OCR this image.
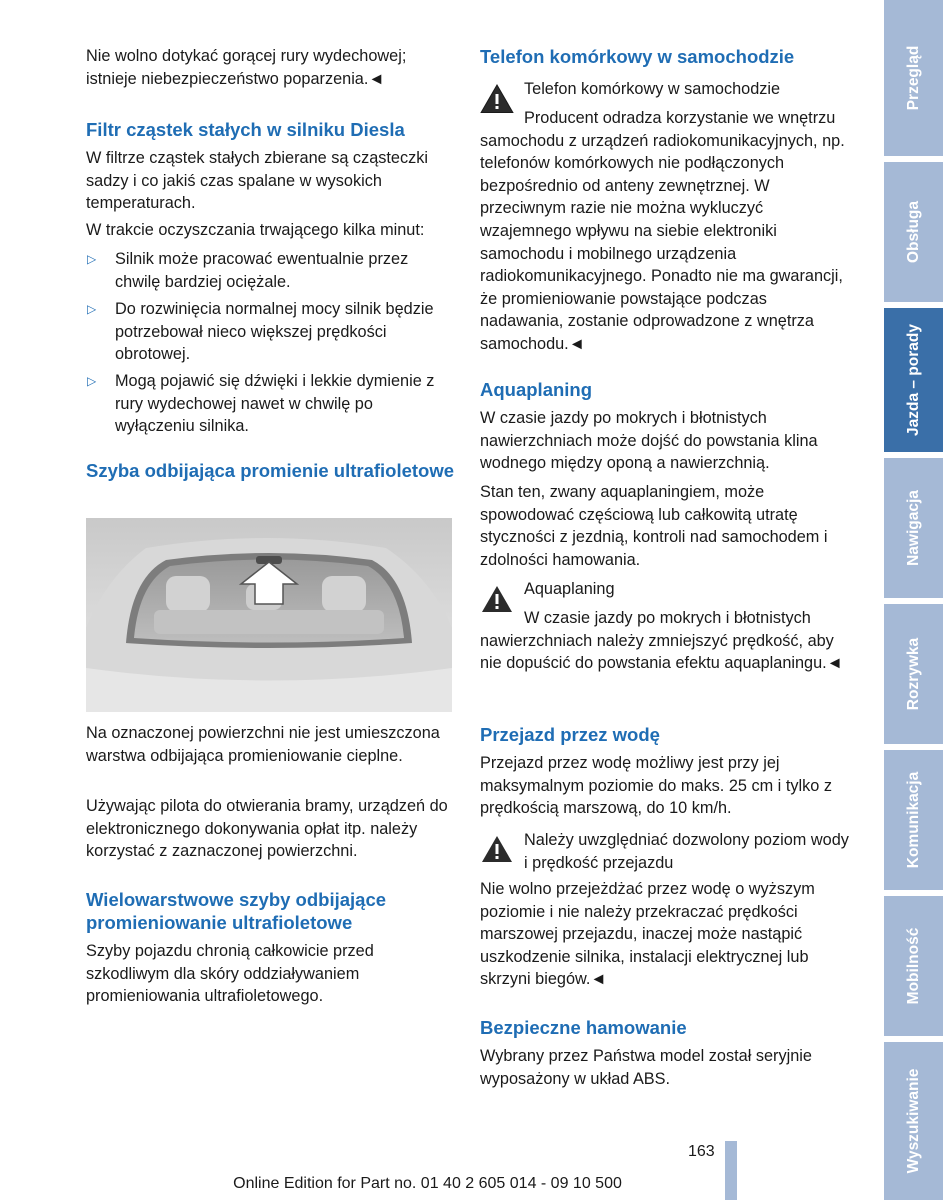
Nie wolno dotykać gorącej rury wydechowej; istnieje niebezpieczeństwo poparzenia.◄

Filtr cząstek stałych w silniku Diesla

W filtrze cząstek stałych zbierane są cząsteczki sadzy i co jakiś czas spalane w wysokich temperaturach.

W trakcie oczyszczania trwającego kilka minut:

▷ Silnik może pracować ewentualnie przez chwilę bardziej ociężale.
▷ Do rozwinięcia normalnej mocy silnik będzie potrzebował nieco większej prędkości obrotowej.
▷ Mogą pojawić się dźwięki i lekkie dymienie z rury wydechowej nawet w chwilę po wyłączeniu silnika.
Szyba odbijająca promienie ultrafioletowe

Na oznaczonej powierzchni nie jest umieszczona warstwa odbijająca promieniowanie cieplne.

Używając pilota do otwierania bramy, urządzeń do elektronicznego dokonywania opłat itp. należy korzystać z zaznaczonej powierzchni.

Wielowarstwowe szyby odbijające promieniowanie ultrafioletowe

Szyby pojazdu chronią całkowicie przed szkodliwym dla skóry oddziaływaniem promieniowania ultrafioletowego.

Telefon komórkowy w samochodzie

Telefon komórkowy w samochodzie

Producent odradza korzystanie we wnętrzu samochodu z urządzeń radiokomunikacyjnych, np. telefonów komórkowych nie podłączonych bezpośrednio od anteny zewnętrznej. W przeciwnym razie nie można wykluczyć wzajemnego wpływu na siebie elektroniki samochodu i mobilnego urządzenia radiokomunikacyjnego. Ponadto nie ma gwarancji, że promieniowanie powstające podczas nadawania, zostanie odprowadzone z wnętrza samochodu.◄

Aquaplaning

W czasie jazdy po mokrych i błotnistych nawierzchniach może dojść do powstania klina wodnego między oponą a nawierzchnią.

Stan ten, zwany aquaplaningiem, może spowodować częściową lub całkowitą utratę styczności z jezdnią, kontroli nad samochodem i zdolności hamowania.

Aquaplaning

W czasie jazdy po mokrych i błotnistych nawierzchniach należy zmniejszyć prędkość, aby nie dopuścić do powstania efektu aquaplaningu.◄

Przejazd przez wodę

Przejazd przez wodę możliwy jest przy jej maksymalnym poziomie do maks. 25 cm i tylko z prędkością marszową, do 10 km/h.

Należy uwzględniać dozwolony poziom wody i prędkość przejazdu

Nie wolno przejeżdżać przez wodę o wyższym poziomie i nie należy przekraczać prędkości marszowej przejazdu, inaczej może nastąpić uszkodzenie silnika, instalacji elektrycznej lub skrzyni biegów.◄

Bezpieczne hamowanie

Wybrany przez Państwa model został seryjnie wyposażony w układ ABS.

Przegląd
Obsługa
Jazda – porady
Nawigacja
Rozrywka
Komunikacja
Mobilność
Wyszukiwanie
163
Online Edition for Part no. 01 40 2 605 014 - 09 10 500
